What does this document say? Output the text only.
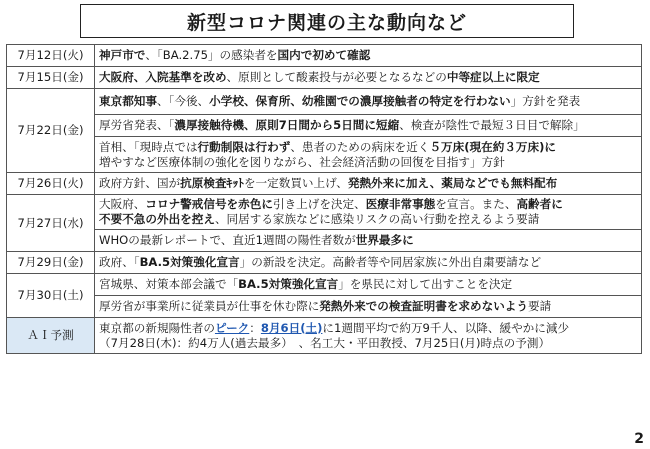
新型コロナ関連の主な動向など
7月12日(火)	神戸市で、「BA.2.75」の感染者を国内で初めて確認
7月15日(金)	大阪府、入院基準を改め、原則として酸素投与が必要となるなどの中等症以上に限定
7月22日(金)	東京都知事、「今後、小学校、保育所、幼稚園での濃厚接触者の特定を行わない」方針を発表
	厚労省発表、「濃厚接触待機、原則7日間から5日間に短縮、検査が陰性で最短３日目で解除」
	首相、「現時点では行動制限は行わず、患者のための病床を近く５万床(現在約３万床)に
増やすなど医療体制の強化を図りながら、社会経済活動の回復を目指す」方針
7月26日(火)	政府方針、国が抗原検査ｷｯﾄを一定数買い上げ、発熱外来に加え、薬局などでも無料配布
7月27日(水)	大阪府、コロナ警戒信号を赤色に引き上げを決定、医療非常事態を宣言。また、高齢者に
不要不急の外出を控え、同居する家族などに感染リスクの高い行動を控えるよう要請
	WHOの最新レポートで、直近1週間の陽性者数が世界最多に
7月29日(金)	政府、「BA.5対策強化宣言」の新設を決定。高齢者等や同居家族に外出自粛要請など
7月30日(土)	宮城県、対策本部会議で「BA.5対策強化宣言」を県民に対して出すことを決定
	厚労省が事業所に従業員が仕事を休む際に発熱外来での検査証明書を求めないよう要請
ＡＩ予測	東京都の新規陽性者のピーク：8月6日(土)に1週間平均で約万9千人、以降、緩やかに減少
（7月28日(木)：約4万人(過去最多）　、名工大・平田教授、7月25日(月)時点の予測）
2
